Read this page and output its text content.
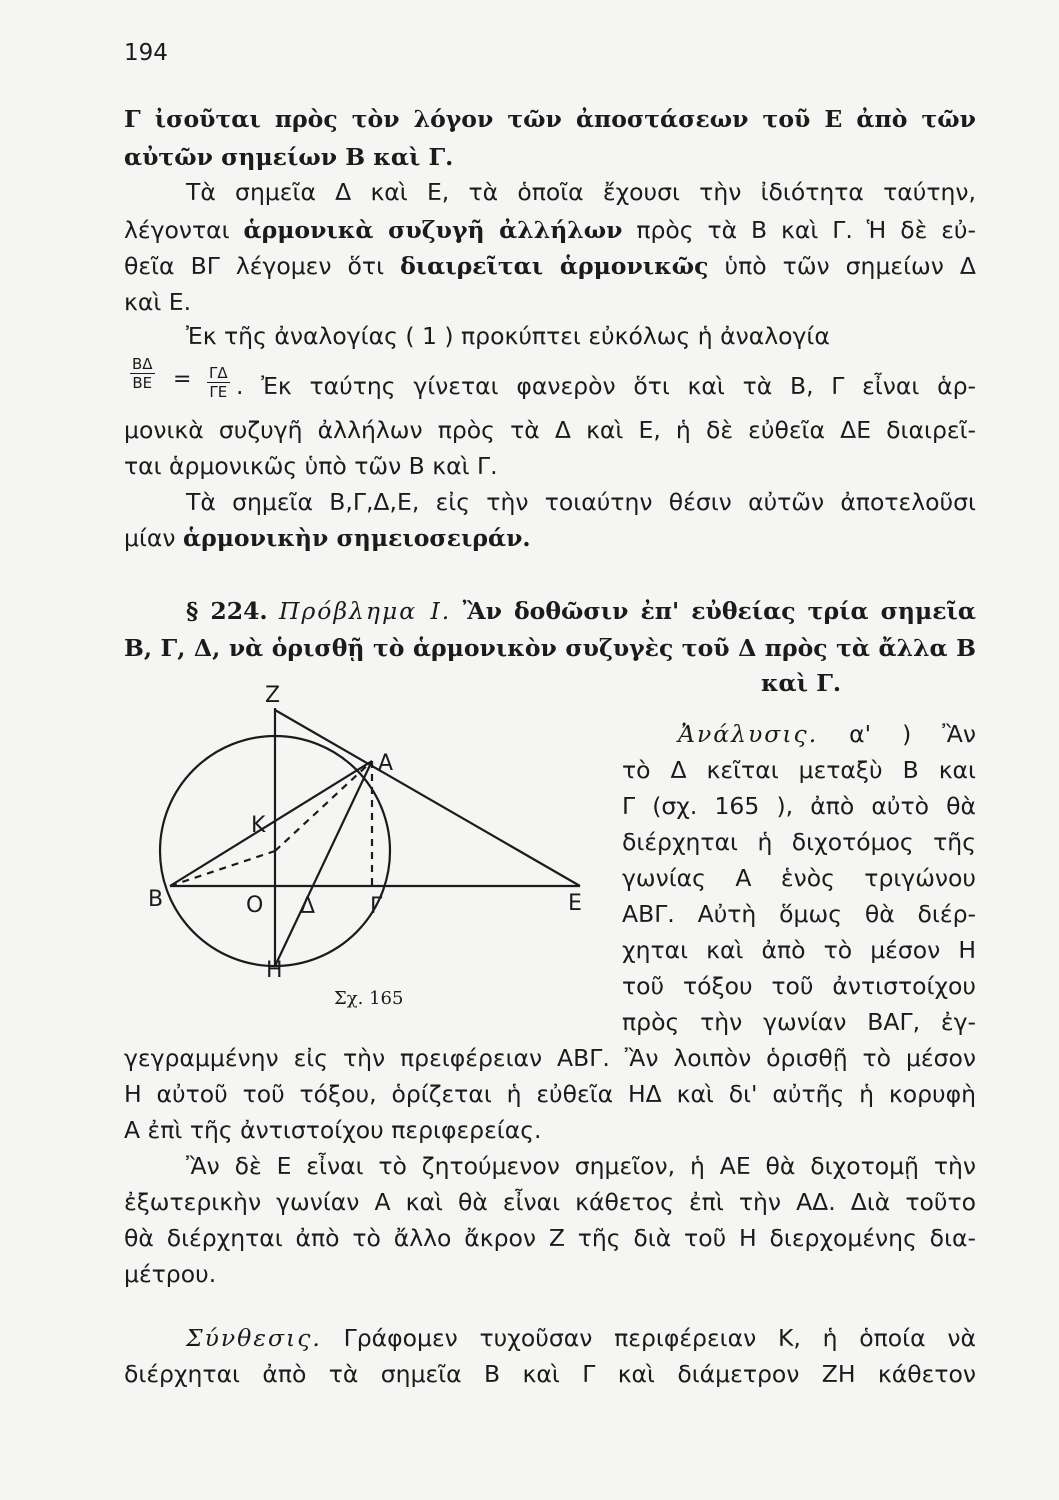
194
Γ ἰσοῦται πρὸς τὸν λόγον τῶν ἀποστάσεων τοῦ Ε ἀπὸ τῶν
αὐτῶν σημείων Β καὶ Γ.
Τὰ σημεῖα Δ καὶ Ε, τὰ ὁποῖα ἔχουσι τὴν ἰδιότητα ταύτην,
λέγονται ἁρμονικὰ συζυγῆ ἀλλήλων πρὸς τὰ Β καὶ Γ. Ἡ δὲ εὐ-
θεῖα ΒΓ λέγομεν ὅτι διαιρεῖται ἁρμονικῶς ὑπὸ τῶν σημείων Δ
καὶ Ε.
Ἐκ τῆς ἀναλογίας ( 1 ) προκύπτει εὐκόλως ἡ ἀναλογία
$\frac{B\Delta}{BE} = \frac{\Gamma\Delta}{\Gamma E}$ . Ἐκ ταύτης γίνεται φανερὸν ὅτι καὶ τὰ Β, Γ εἶναι ἁρ-
μονικὰ συζυγῆ ἀλλήλων πρὸς τὰ Δ καὶ Ε, ἡ δὲ εὐθεῖα ΔΕ διαιρεῖ-
ται ἁρμονικῶς ὑπὸ τῶν Β καὶ Γ.
Τὰ σημεῖα Β,Γ,Δ,Ε, εἰς τὴν τοιαύτην θέσιν αὐτῶν ἀποτελοῦσι
μίαν ἁρμονικὴν σημειοσειράν.
§ 224. Πρόβλημα Ι. Ἂν δοθῶσιν ἐπ' εὐθείας τρία σημεῖα
Β, Γ, Δ, νὰ ὁρισθῇ τὸ ἁρμονικὸν συζυγὲς τοῦ Δ πρὸς τὰ ἄλλα Β
καὶ Γ.
Z
A
K
B	O Δ Γ	E
H
Σχ. 165
Ἀνάλυσις. α' ) Ἂν
τὸ Δ κεῖται μεταξὺ Β και
Γ (σχ. 165 ), ἀπὸ αὐτὸ θὰ
διέρχηται ἡ διχοτόμος τῆς
γωνίας Α ἑνὸς τριγώνου
ΑΒΓ. Αὐτὴ ὅμως θὰ διέρ-
χηται καὶ ἀπὸ τὸ μέσον Η
τοῦ τόξου τοῦ ἀντιστοίχου
πρὸς τὴν γωνίαν ΒΑΓ, ἐγ-
γεγραμμένην εἰς τὴν πρειφέρειαν ΑΒΓ. Ἂν λοιπὸν ὁρισθῇ τὸ μέσον
Η αὐτοῦ τοῦ τόξου, ὁρίζεται ἡ εὐθεῖα ΗΔ καὶ δι' αὐτῆς ἡ κορυφὴ
Α ἐπὶ τῆς ἀντιστοίχου περιφερείας.
Ἂν δὲ Ε εἶναι τὸ ζητούμενον σημεῖον, ἡ ΑΕ θὰ διχοτομῇ τὴν
ἐξωτερικὴν γωνίαν Α καὶ θὰ εἶναι κάθετος ἐπὶ τὴν ΑΔ. Διὰ τοῦτο
θὰ διέρχηται ἀπὸ τὸ ἄλλο ἄκρον Ζ τῆς διὰ τοῦ Η διερχομένης δια-
μέτρου.
Σύνθεσις. Γράφομεν τυχοῦσαν περιφέρειαν Κ, ἡ ὁποία νὰ
διέρχηται ἀπὸ τὰ σημεῖα Β καὶ Γ καὶ διάμετρον ΖΗ κάθετον
